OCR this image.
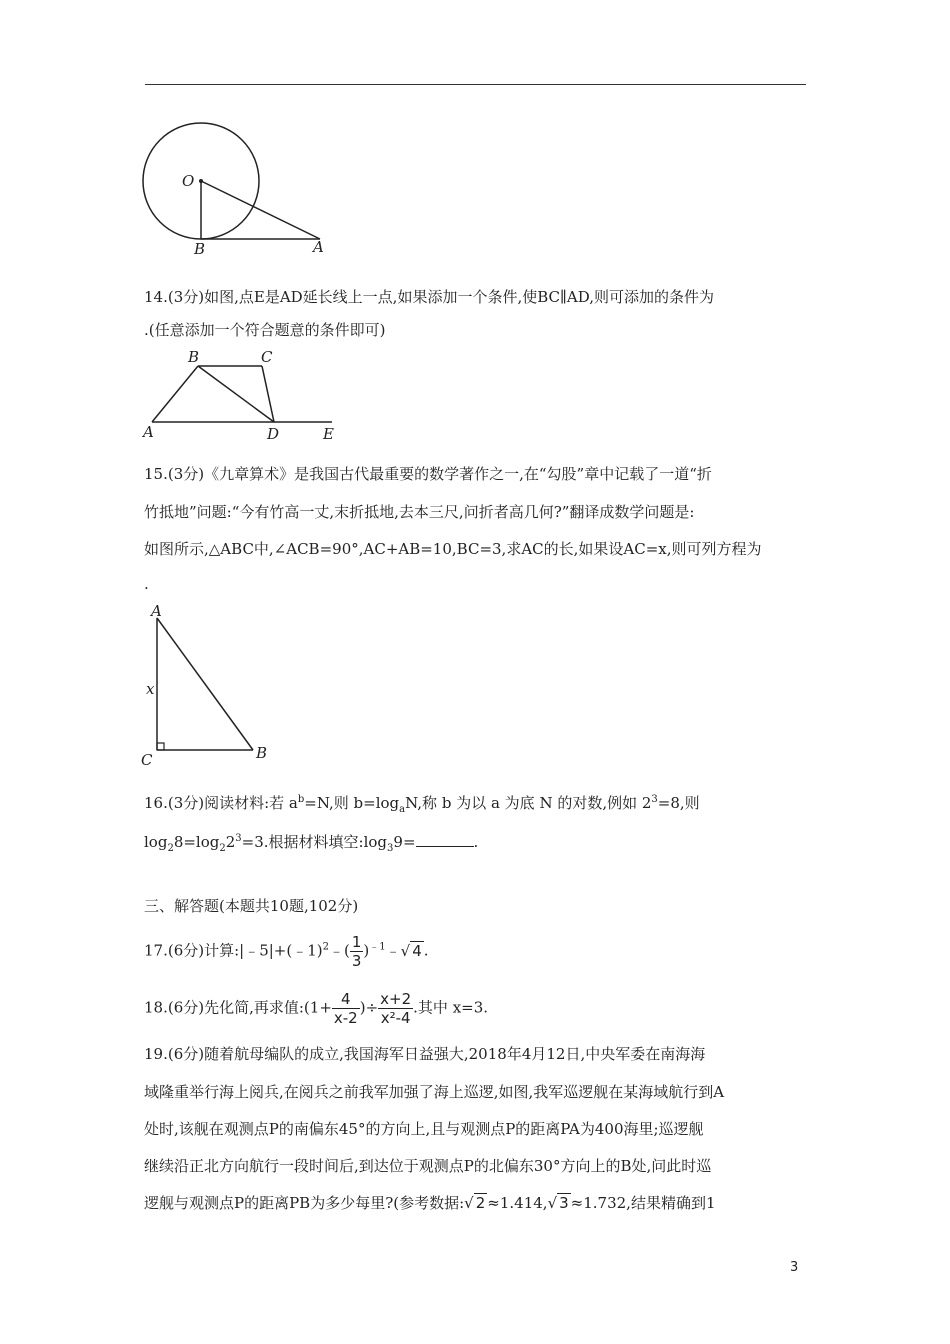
O
B	A
14.(3分)如图,点E是AD延长线上一点,如果添加一个条件,使BC∥AD,则可添加的条件为
.(任意添加一个符合题意的条件即可)
B	C
A	D	E
15.(3分)《九章算术》是我国古代最重要的数学著作之一,在“勾股”章中记载了一道“折
竹抵地”问题:“今有竹高一丈,末折抵地,去本三尺,问折者高几何?”翻译成数学问题是:
如图所示,△ABC中,∠ACB=90°,AC+AB=10,BC=3,求AC的长,如果设AC=x,则可列方程为
.
A
x
C	B
16.(3分)阅读材料:若 $a^b=N$,则 $b=\log_aN$,称 b 为以 a 为底 N 的对数,例如 $2^3=8$,则
$\log_28=\log_22^3=3$.根据材料填空$:\log_39=$	.
三、解答题(本题共10题,102分)
17.(6分)计算:|﹣5|+(﹣1)$^2$﹣( $\frac{1}{3}$ )$^{﹣1}$﹣√ 4 .
18.(6分)先化简,再求值:(1+ $\frac{4}{x-2}$ )÷ $\frac{x+2}{\text{x²-4}}$ .其中 x=3.
19.(6分)随着航母编队的成立,我国海军日益强大,2018年4月12日,中央军委在南海海
域隆重举行海上阅兵,在阅兵之前我军加强了海上巡逻,如图,我军巡逻舰在某海域航行到A
处时,该舰在观测点P的南偏东45°的方向上,且与观测点P的距离PA为400海里;巡逻舰
继续沿正北方向航行一段时间后,到达位于观测点P的北偏东30°方向上的B处,问此时巡
逻舰与观测点P的距离PB为多少每里?(参考数据:√ 2 ≈1.414,√ 3 ≈1.732,结果精确到1
3
